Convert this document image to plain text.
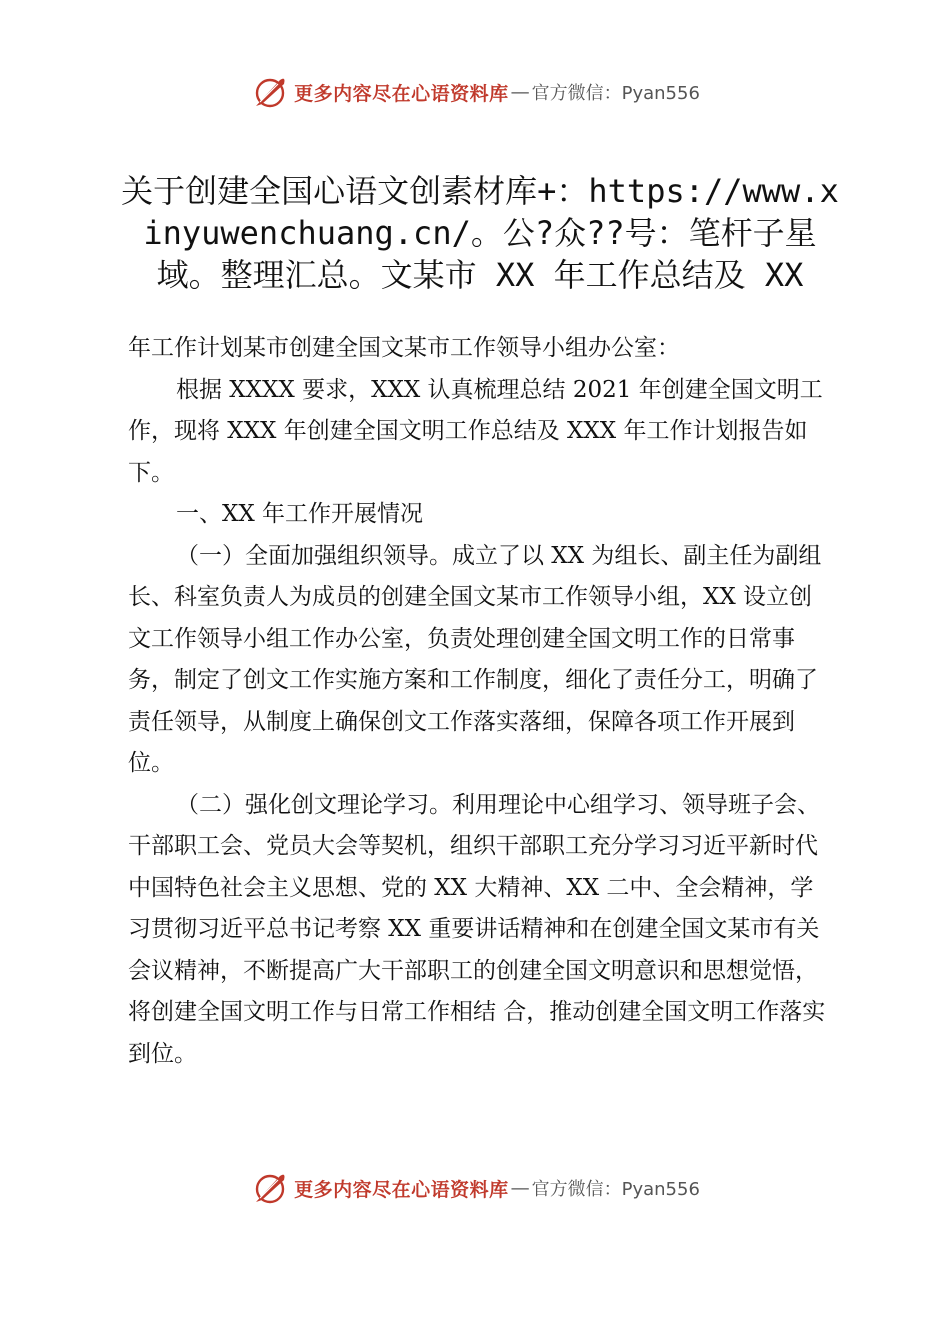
更多内容尽在心语资料库 — 官方微信：Pyan556
关于创建全国心语文创素材库+：https://www.xinyuwenchuang.cn/。公?众??号：笔杆子星域。整理汇总。文某市 XX 年工作总结及 XX

年工作计划某市创建全国文某市工作领导小组办公室：

根据 XXXX 要求，XXX 认真梳理总结 2021 年创建全国文明工作，现将 XXX 年创建全国文明工作总结及 XXX 年工作计划报告如下。

一、XX 年工作开展情况

（一）全面加强组织领导。成立了以 XX 为组长、副主任为副组长、科室负责人为成员的创建全国文某市工作领导小组，XX 设立创文工作领导小组工作办公室，负责处理创建全国文明工作的日常事务，制定了创文工作实施方案和工作制度，细化了责任分工，明确了责任领导，从制度上确保创文工作落实落细，保障各项工作开展到位。

（二）强化创文理论学习。利用理论中心组学习、领导班子会、干部职工会、党员大会等契机，组织干部职工充分学习习近平新时代中国特色社会主义思想、党的 XX 大精神、XX 二中、全会精神，学习贯彻习近平总书记考察 XX 重要讲话精神和在创建全国文某市有关会议精神，不断提高广大干部职工的创建全国文明意识和思想觉悟，将创建全国文明工作与日常工作相结 合，推动创建全国文明工作落实到位。

更多内容尽在心语资料库 — 官方微信：Pyan556
